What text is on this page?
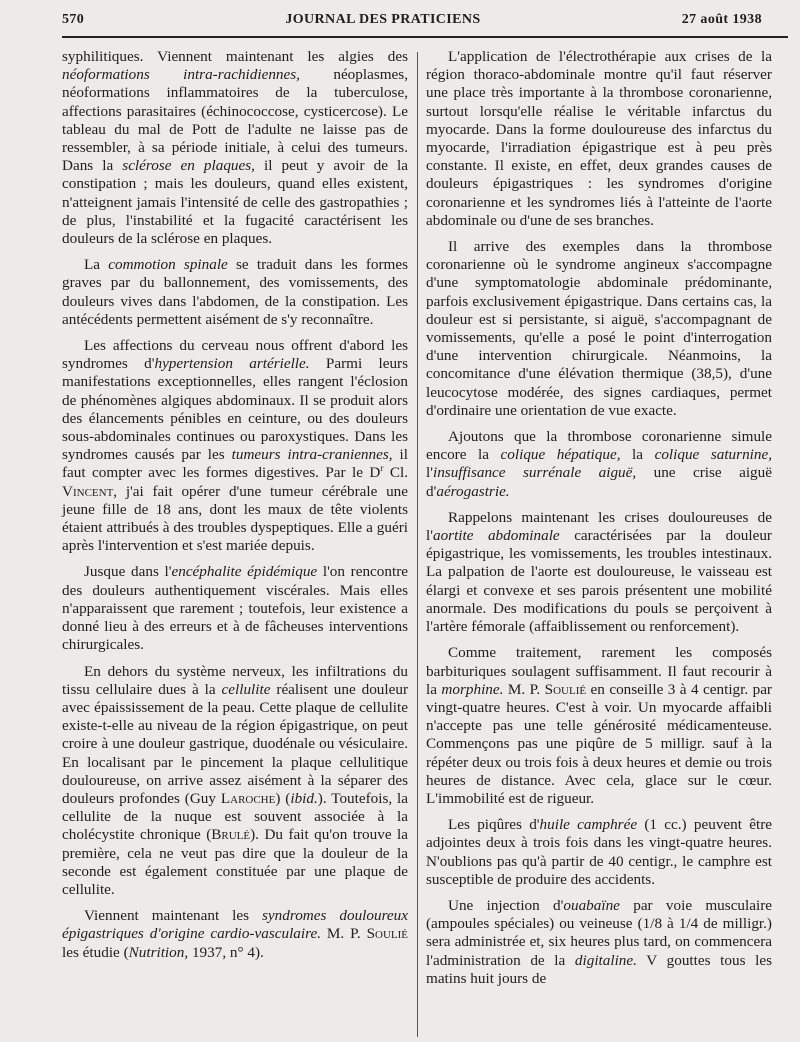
570	JOURNAL DES PRATICIENS	27 août 1938

syphilitiques. Viennent maintenant les algies des néoformations intra-rachidiennes, néoplasmes, néoformations inflammatoires de la tuberculose, affections parasitaires (échinococcose, cysticercose). Le tableau du mal de Pott de l'adulte ne laisse pas de ressembler, à sa période initiale, à celui des tumeurs. Dans la sclérose en plaques, il peut y avoir de la constipation ; mais les douleurs, quand elles existent, n'atteignent jamais l'intensité de celle des gastropathies ; de plus, l'instabilité et la fugacité caractérisent les douleurs de la sclérose en plaques.

La commotion spinale se traduit dans les formes graves par du ballonnement, des vomissements, des douleurs vives dans l'abdomen, de la constipation. Les antécédents permettent aisément de s'y reconnaître.

Les affections du cerveau nous offrent d'abord les syndromes d'hypertension artérielle. Parmi leurs manifestations exceptionnelles, elles rangent l'éclosion de phénomènes algiques abdominaux. Il se produit alors des élancements pénibles en ceinture, ou des douleurs sous-abdominales continues ou paroxystiques. Dans les syndromes causés par les tumeurs intra-craniennes, il faut compter avec les formes digestives. Par le $D^r$ Cl. Vincent, j'ai fait opérer d'une tumeur cérébrale une jeune fille de 18 ans, dont les maux de tête violents étaient attribués à des troubles dyspeptiques. Elle a guéri après l'intervention et s'est mariée depuis.

Jusque dans l'encéphalite épidémique l'on rencontre des douleurs authentiquement viscérales. Mais elles n'apparaissent que rarement ; toutefois, leur existence a donné lieu à des erreurs et à de fâcheuses interventions chirurgicales.

En dehors du système nerveux, les infiltrations du tissu cellulaire dues à la cellulite réalisent une douleur avec épaississement de la peau. Cette plaque de cellulite existe-t-elle au niveau de la région épigastrique, on peut croire à une douleur gastrique, duodénale ou vésiculaire. En localisant par le pincement la plaque cellulitique douloureuse, on arrive assez aisément à la séparer des douleurs profondes (Guy Laroche) (ibid.). Toutefois, la cellulite de la nuque est souvent associée à la cholécystite chronique (Brulé). Du fait qu'on trouve la première, cela ne veut pas dire que la douleur de la seconde est également constituée par une plaque de cellulite.

Viennent maintenant les syndromes douloureux épigastriques d'origine cardio-vasculaire. M. P. Soulié les étudie (Nutrition, 1937, n° 4).

L'application de l'électrothérapie aux crises de la région thoraco-abdominale montre qu'il faut réserver une place très importante à la thrombose coronarienne, surtout lorsqu'elle réalise le véritable infarctus du myocarde. Dans la forme douloureuse des infarctus du myocarde, l'irradiation épigastrique est à peu près constante. Il existe, en effet, deux grandes causes de douleurs épigastriques : les syndromes d'origine coronarienne et les syndromes liés à l'atteinte de l'aorte abdominale ou d'une de ses branches.

Il arrive des exemples dans la thrombose coronarienne où le syndrome angineux s'accompagne d'une symptomatologie abdominale prédominante, parfois exclusivement épigastrique. Dans certains cas, la douleur est si persistante, si aiguë, s'accompagnant de vomissements, qu'elle a posé le point d'interrogation d'une intervention chirurgicale. Néanmoins, la concomitance d'une élévation thermique (38,5), d'une leucocytose modérée, des signes cardiaques, permet d'ordinaire une orientation de vue exacte.

Ajoutons que la thrombose coronarienne simule encore la colique hépatique, la colique saturnine, l'insuffisance surrénale aiguë, une crise aiguë d'aérogastrie.

Rappelons maintenant les crises douloureuses de l'aortite abdominale caractérisées par la douleur épigastrique, les vomissements, les troubles intestinaux. La palpation de l'aorte est douloureuse, le vaisseau est élargi et convexe et ses parois présentent une mobilité anormale. Des modifications du pouls se perçoivent à l'artère fémorale (affaiblissement ou renforcement).

Comme traitement, rarement les composés barbituriques soulagent suffisamment. Il faut recourir à la morphine. M. P. Soulié en conseille 3 à 4 centigr. par vingt-quatre heures. C'est à voir. Un myocarde affaibli n'accepte pas une telle générosité médicamenteuse. Commençons pas une piqûre de 5 milligr. sauf à la répéter deux ou trois fois à deux heures et demie ou trois heures de distance. Avec cela, glace sur le cœur. L'immobilité est de rigueur.

Les piqûres d'huile camphrée (1 cc.) peuvent être adjointes deux à trois fois dans les vingt-quatre heures. N'oublions pas qu'à partir de 40 centigr., le camphre est susceptible de produire des accidents.

Une injection d'ouabaïne par voie musculaire (ampoules spéciales) ou veineuse (1/8 à 1/4 de milligr.) sera administrée et, six heures plus tard, on commencera l'administration de la digitaline. V gouttes tous les matins huit jours de
